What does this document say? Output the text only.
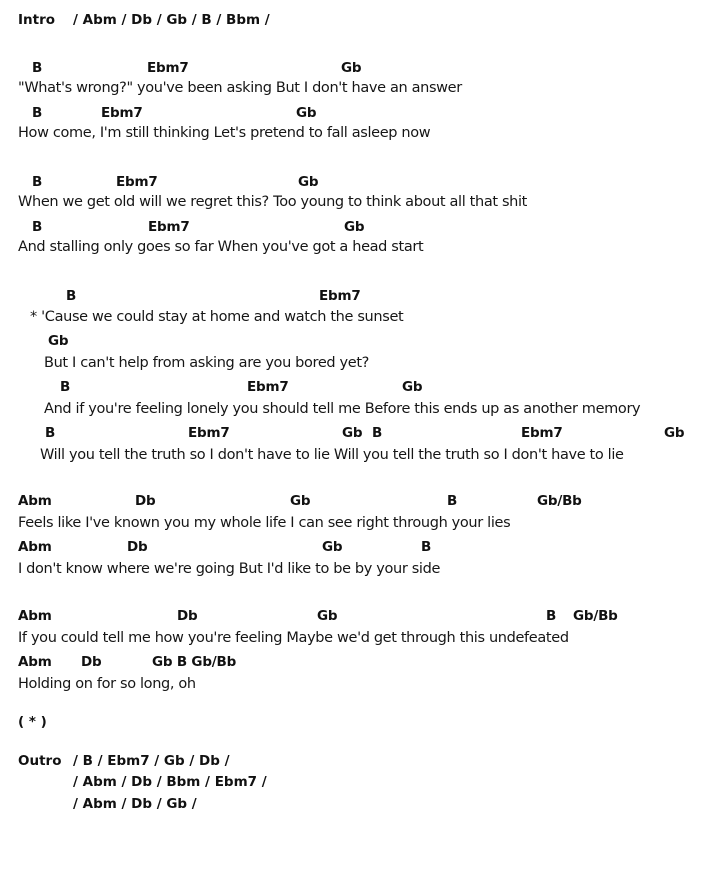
Intro / Abm / Db / Gb / B / Bbm /
B	Ebm7	Gb
"What's wrong?" you've been asking But I don't have an answer
B	Ebm7	Gb
How come, I'm still thinking Let's pretend to fall asleep now
B	Ebm7	Gb
When we get old will we regret this? Too young to think about all that shit
B	Ebm7	Gb
And stalling only goes so far When you've got a head start
B	Ebm7
* 'Cause we could stay at home and watch the sunset
Gb
But I can't help from asking are you bored yet?
B	Ebm7	Gb
And if you're feeling lonely you should tell me Before this ends up as another memory
B	Ebm7	Gb B	Ebm7	Gb
Will you tell the truth so I don't have to lie Will you tell the truth so I don't have to lie
Abm	Db	Gb	B	Gb/Bb
Feels like I've known you my whole life I can see right through your lies
Abm	Db	Gb	B
I don't know where we're going But I'd like to be by your side
Abm	Db	Gb	B Gb/Bb
If you could tell me how you're feeling Maybe we'd get through this undefeated
Abm Db	Gb B Gb/Bb
Holding on for so long, oh
( * )
Outro / B / Ebm7 / Gb / Db /
/ Abm / Db / Bbm / Ebm7 /
/ Abm / Db / Gb /
